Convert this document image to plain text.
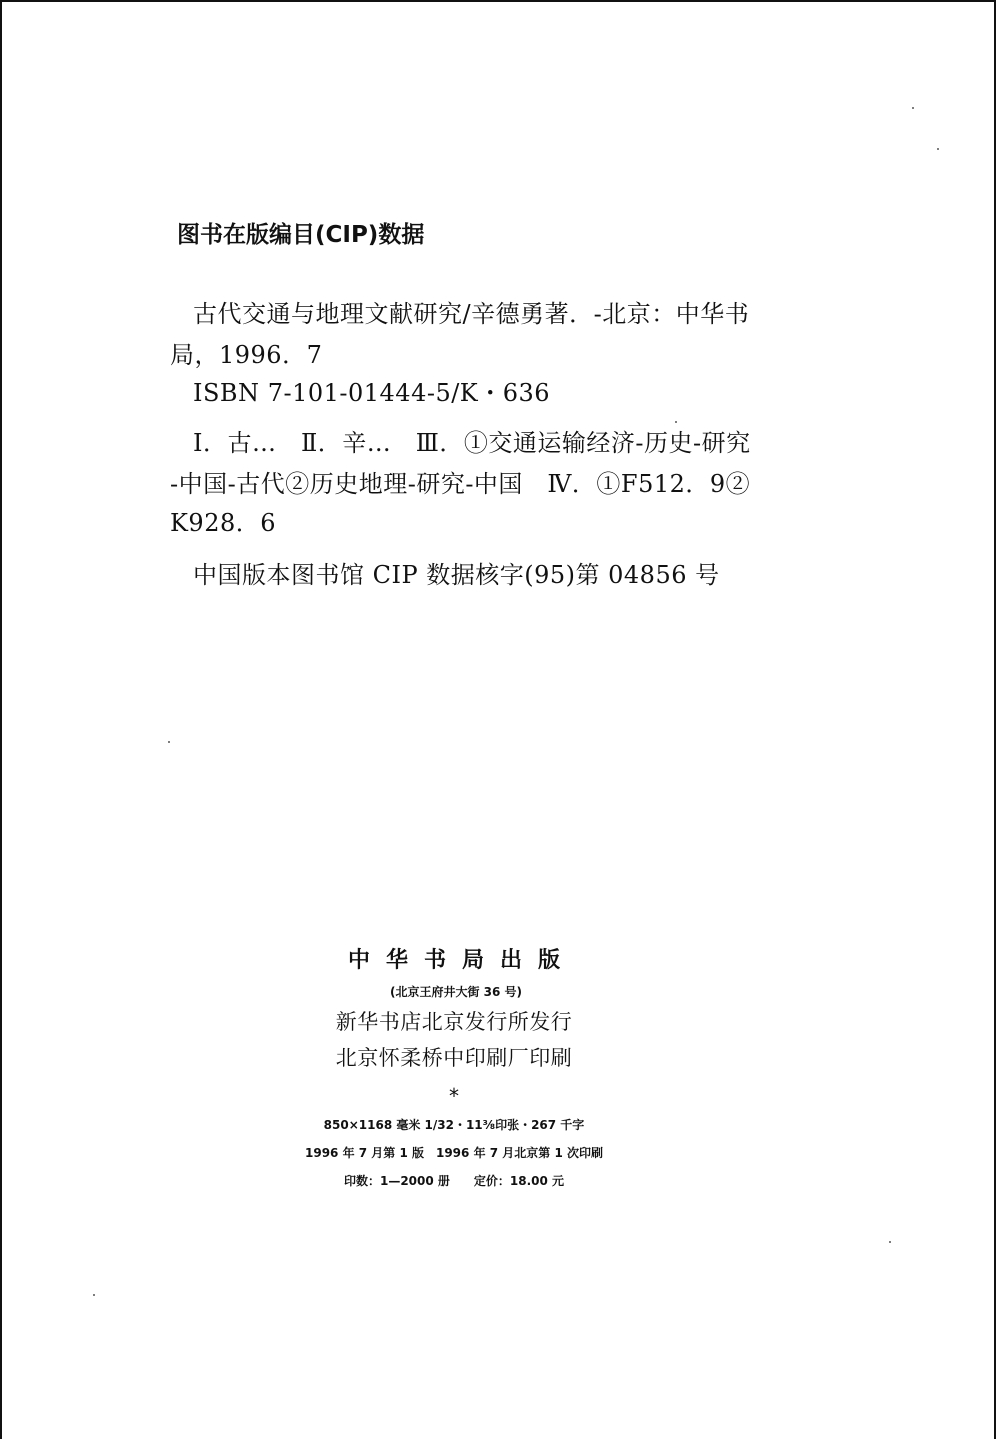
图书在版编目(CIP)数据
古代交通与地理文献研究/辛德勇著．-北京：中华书
局，1996．7
ISBN 7-101-01444-5/K・636
Ⅰ．古…　Ⅱ．辛…　Ⅲ．①交通运输经济-历史-研究
-中国-古代②历史地理-研究-中国　Ⅳ．①F512．9②
K928．6
中国版本图书馆 CIP 数据核字(95)第 04856 号
中华书局出版
(北京王府井大街 36 号)
新华书店北京发行所发行
北京怀柔桥中印刷厂印刷
*
850×1168 毫米 1/32・11⅜印张・267 千字
1996 年 7 月第 1 版　1996 年 7 月北京第 1 次印刷
印数：1—2000 册　　定价：18.00 元
